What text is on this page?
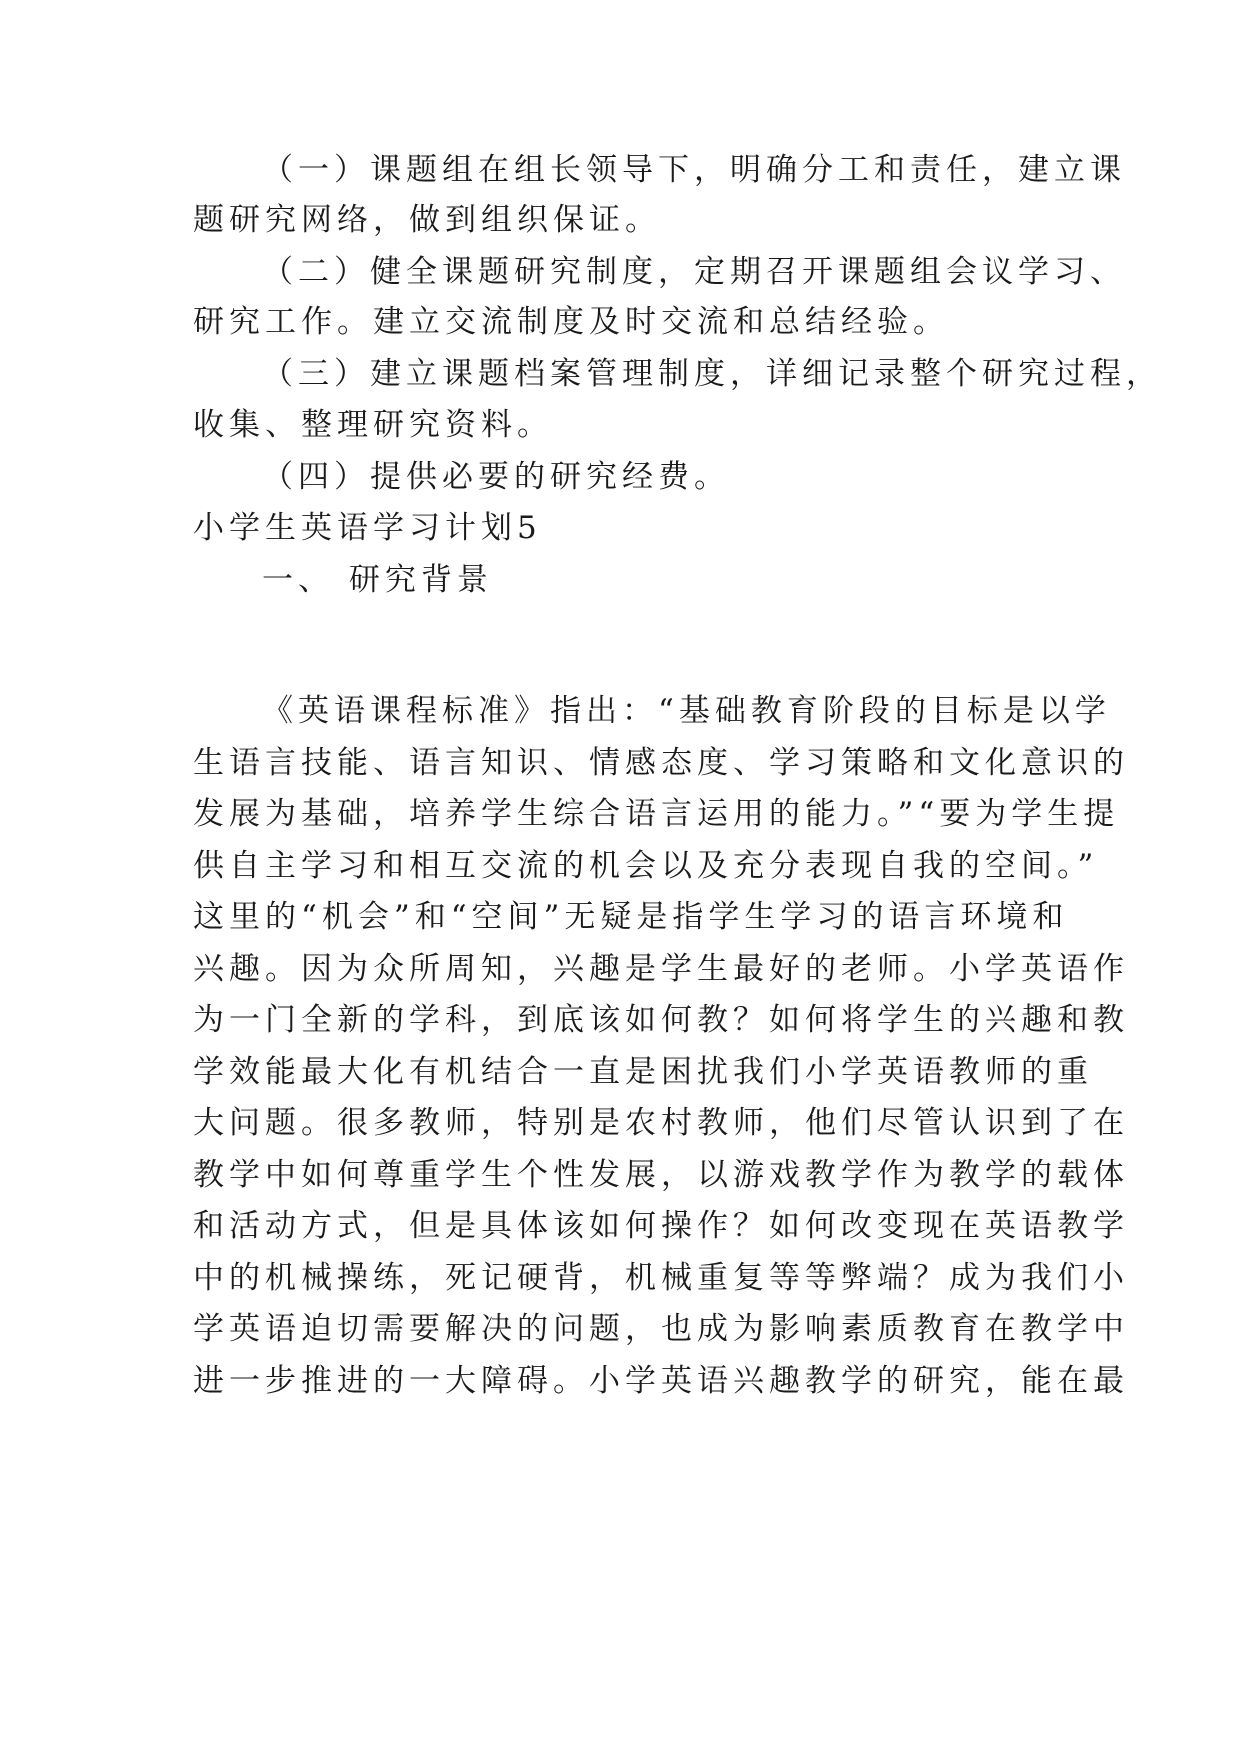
（一）课题组在组长领导下，明确分工和责任，建立课
题研究网络，做到组织保证。
（二）健全课题研究制度，定期召开课题组会议学习、
研究工作。建立交流制度及时交流和总结经验。
（三）建立课题档案管理制度，详细记录整个研究过程，
收集、整理研究资料。
（四）提供必要的研究经费。
小学生英语学习计划5
一、 研究背景
《英语课程标准》指出：“基础教育阶段的目标是以学
生语言技能、语言知识、情感态度、学习策略和文化意识的
发展为基础，培养学生综合语言运用的能力。”“要为学生提
供自主学习和相互交流的机会以及充分表现自我的空间。”
这里的“机会”和“空间”无疑是指学生学习的语言环境和
兴趣。因为众所周知，兴趣是学生最好的老师。小学英语作
为一门全新的学科，到底该如何教？如何将学生的兴趣和教
学效能最大化有机结合一直是困扰我们小学英语教师的重
大问题。很多教师，特别是农村教师，他们尽管认识到了在
教学中如何尊重学生个性发展，以游戏教学作为教学的载体
和活动方式，但是具体该如何操作？如何改变现在英语教学
中的机械操练，死记硬背，机械重复等等弊端？成为我们小
学英语迫切需要解决的问题，也成为影响素质教育在教学中
进一步推进的一大障碍。小学英语兴趣教学的研究，能在最
